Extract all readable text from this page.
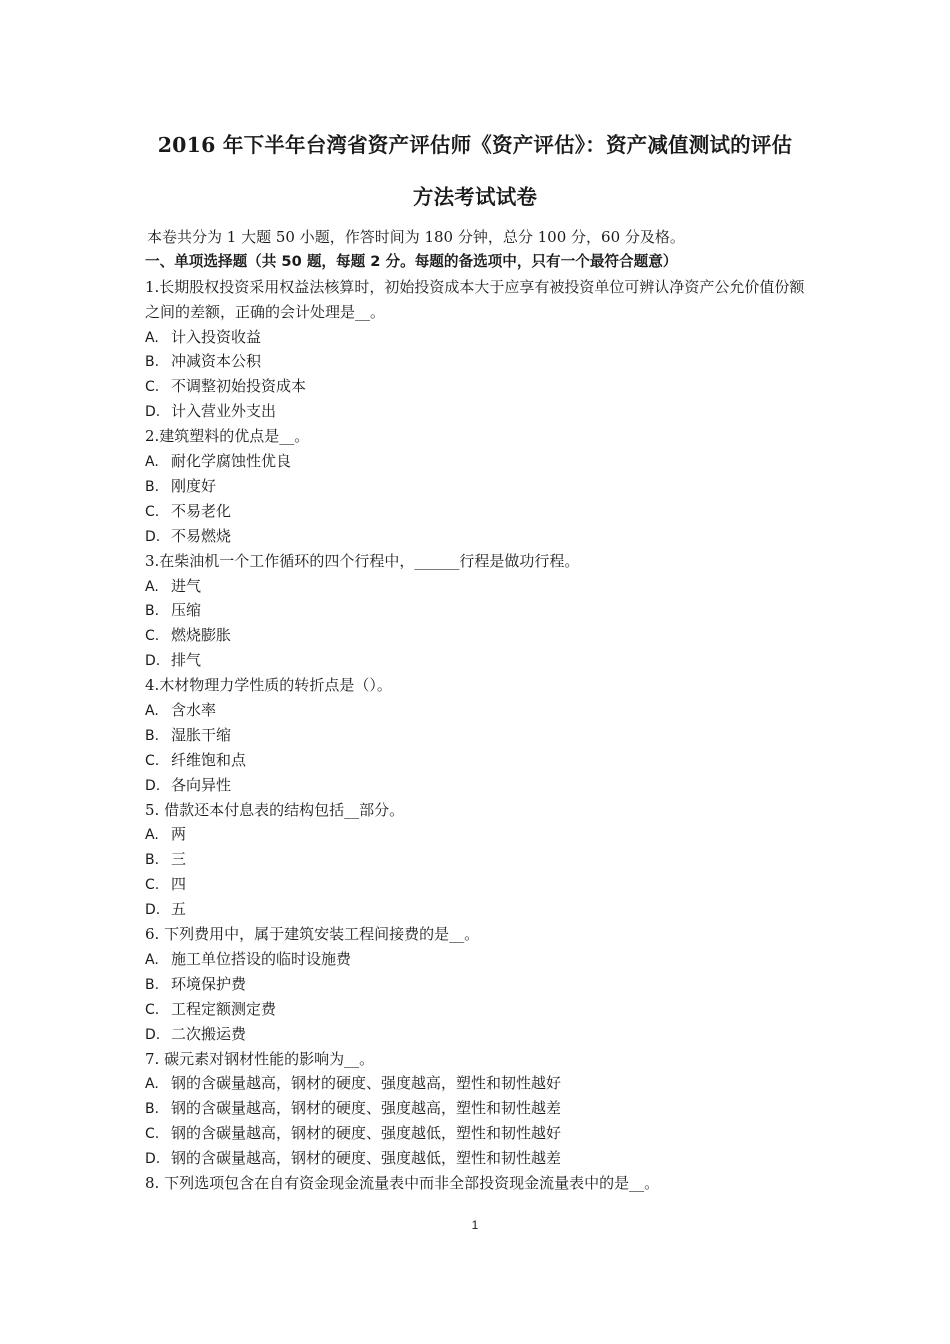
2016 年下半年台湾省资产评估师《资产评估》：资产减值测试的评估
方法考试试卷
本卷共分为 1 大题 50 小题，作答时间为 180 分钟，总分 100 分，60 分及格。
一、单项选择题（共 50 题，每题 2 分。每题的备选项中，只有一个最符合题意）
1.长期股权投资采用权益法核算时，初始投资成本大于应享有被投资单位可辨认净资产公允价值份额之间的差额，正确的会计处理是__。
A. 计入投资收益
B. 冲减资本公积
C. 不调整初始投资成本
D. 计入营业外支出
2.建筑塑料的优点是__。
A. 耐化学腐蚀性优良
B. 刚度好
C. 不易老化
D. 不易燃烧
3.在柴油机一个工作循环的四个行程中，______行程是做功行程。
A. 进气
B. 压缩
C. 燃烧膨胀
D. 排气
4.木材物理力学性质的转折点是（）。
A. 含水率
B. 湿胀干缩
C. 纤维饱和点
D. 各向异性
5. 借款还本付息表的结构包括__部分。
A. 两
B. 三
C. 四
D. 五
6. 下列费用中，属于建筑安装工程间接费的是__。
A. 施工单位搭设的临时设施费
B. 环境保护费
C. 工程定额测定费
D. 二次搬运费
7. 碳元素对钢材性能的影响为__。
A. 钢的含碳量越高，钢材的硬度、强度越高，塑性和韧性越好
B. 钢的含碳量越高，钢材的硬度、强度越高，塑性和韧性越差
C. 钢的含碳量越高，钢材的硬度、强度越低，塑性和韧性越好
D. 钢的含碳量越高，钢材的硬度、强度越低，塑性和韧性越差
8. 下列选项包含在自有资金现金流量表中而非全部投资现金流量表中的是__。
1
